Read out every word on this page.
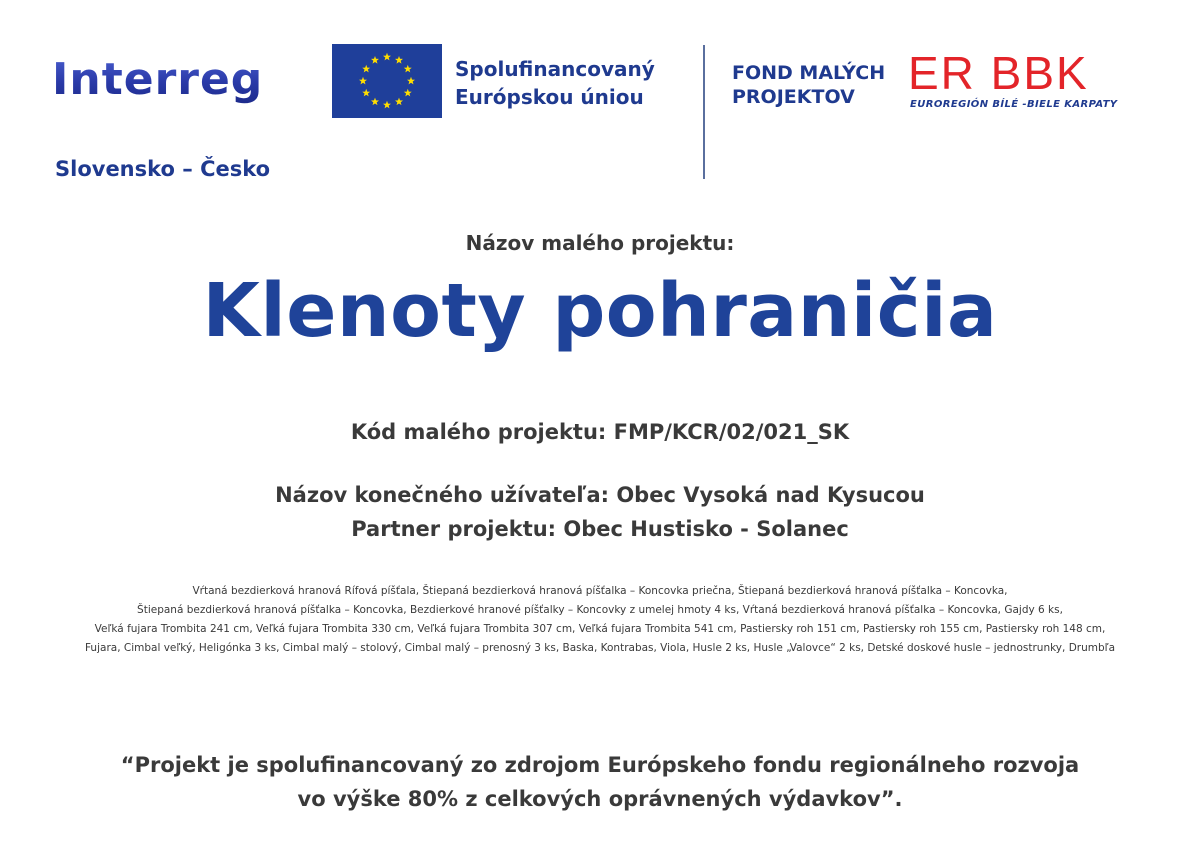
Interreg
Slovensko – Česko
Spolufinancovaný
Európskou úniou
FOND MALÝCH
PROJEKTOV	ER BBK
EUROREGIÓN BÍLÉ -BIELE KARPATY
Názov malého projektu:
Klenoty pohraničia
Kód malého projektu: FMP/KCR/02/021_SK
Názov konečného užívateľa: Obec Vysoká nad Kysucou
Partner projektu: Obec Hustisko - Solanec
Vŕtaná bezdierková hranová Rífová píšťala, Štiepaná bezdierková hranová píšťalka – Koncovka priečna, Štiepaná bezdierková hranová píšťalka – Koncovka,
Štiepaná bezdierková hranová píšťalka – Koncovka, Bezdierkové hranové píšťalky – Koncovky z umelej hmoty 4 ks, Vŕtaná bezdierková hranová píšťalka – Koncovka, Gajdy 6 ks,
Veľká fujara Trombita 241 cm, Veľká fujara Trombita 330 cm, Veľká fujara Trombita 307 cm, Veľká fujara Trombita 541 cm, Pastiersky roh 151 cm, Pastiersky roh 155 cm, Pastiersky roh 148 cm,
Fujara, Cimbal veľký, Heligónka 3 ks, Cimbal malý – stolový, Cimbal malý – prenosný 3 ks, Baska, Kontrabas, Viola, Husle 2 ks, Husle „Valovce“ 2 ks, Detské doskové husle – jednostrunky, Drumbľa
“Projekt je spolufinancovaný zo zdrojom Európskeho fondu regionálneho rozvoja
vo výške 80% z celkových oprávnených výdavkov”.
